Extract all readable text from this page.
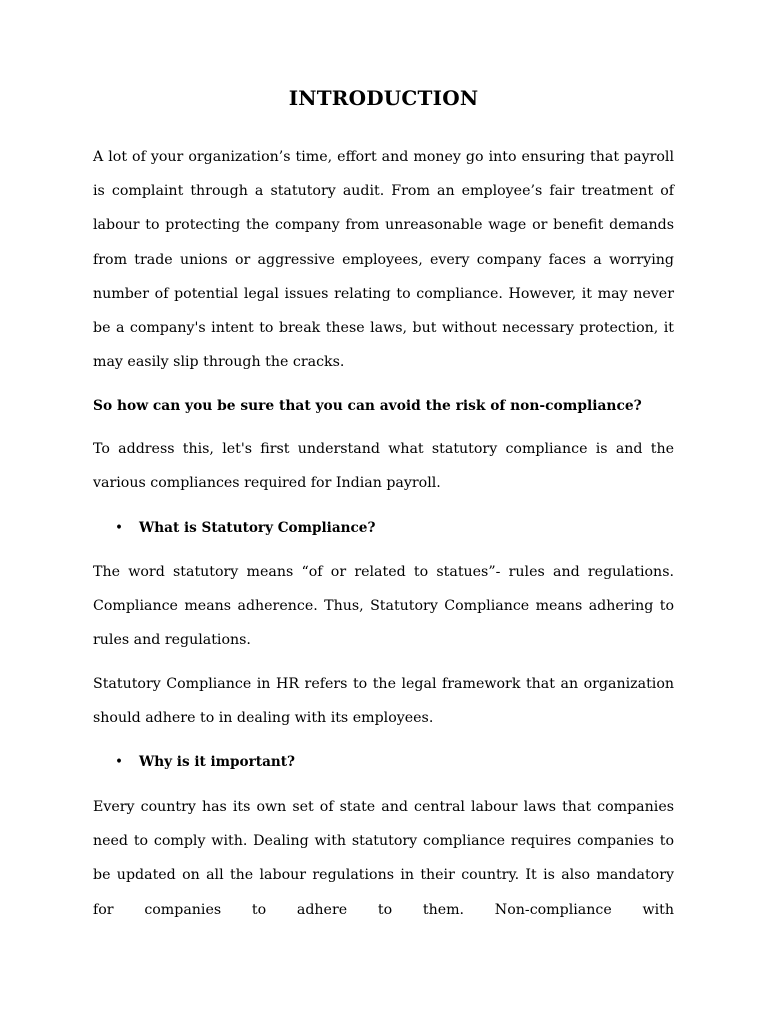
INTRODUCTION

A lot of your organization’s time, effort and money go into ensuring that payroll is complaint through a statutory audit. From an employee’s fair treatment of labour to protecting the company from unreasonable wage or benefit demands from trade unions or aggressive employees, every company faces a worrying number of potential legal issues relating to compliance. However, it may never be a company's intent to break these laws, but without necessary protection, it may easily slip through the cracks.

So how can you be sure that you can avoid the risk of non-compliance?

To address this, let's first understand what statutory compliance is and the various compliances required for Indian payroll.

• What is Statutory Compliance?

The word statutory means “of or related to statues”- rules and regulations. Compliance means adherence. Thus, Statutory Compliance means adhering to rules and regulations.

Statutory Compliance in HR refers to the legal framework that an organization should adhere to in dealing with its employees.

• Why is it important?

Every country has its own set of state and central labour laws that companies need to comply with. Dealing with statutory compliance requires companies to be updated on all the labour regulations in their country. It is also mandatory for companies to adhere to them. Non-compliance with
